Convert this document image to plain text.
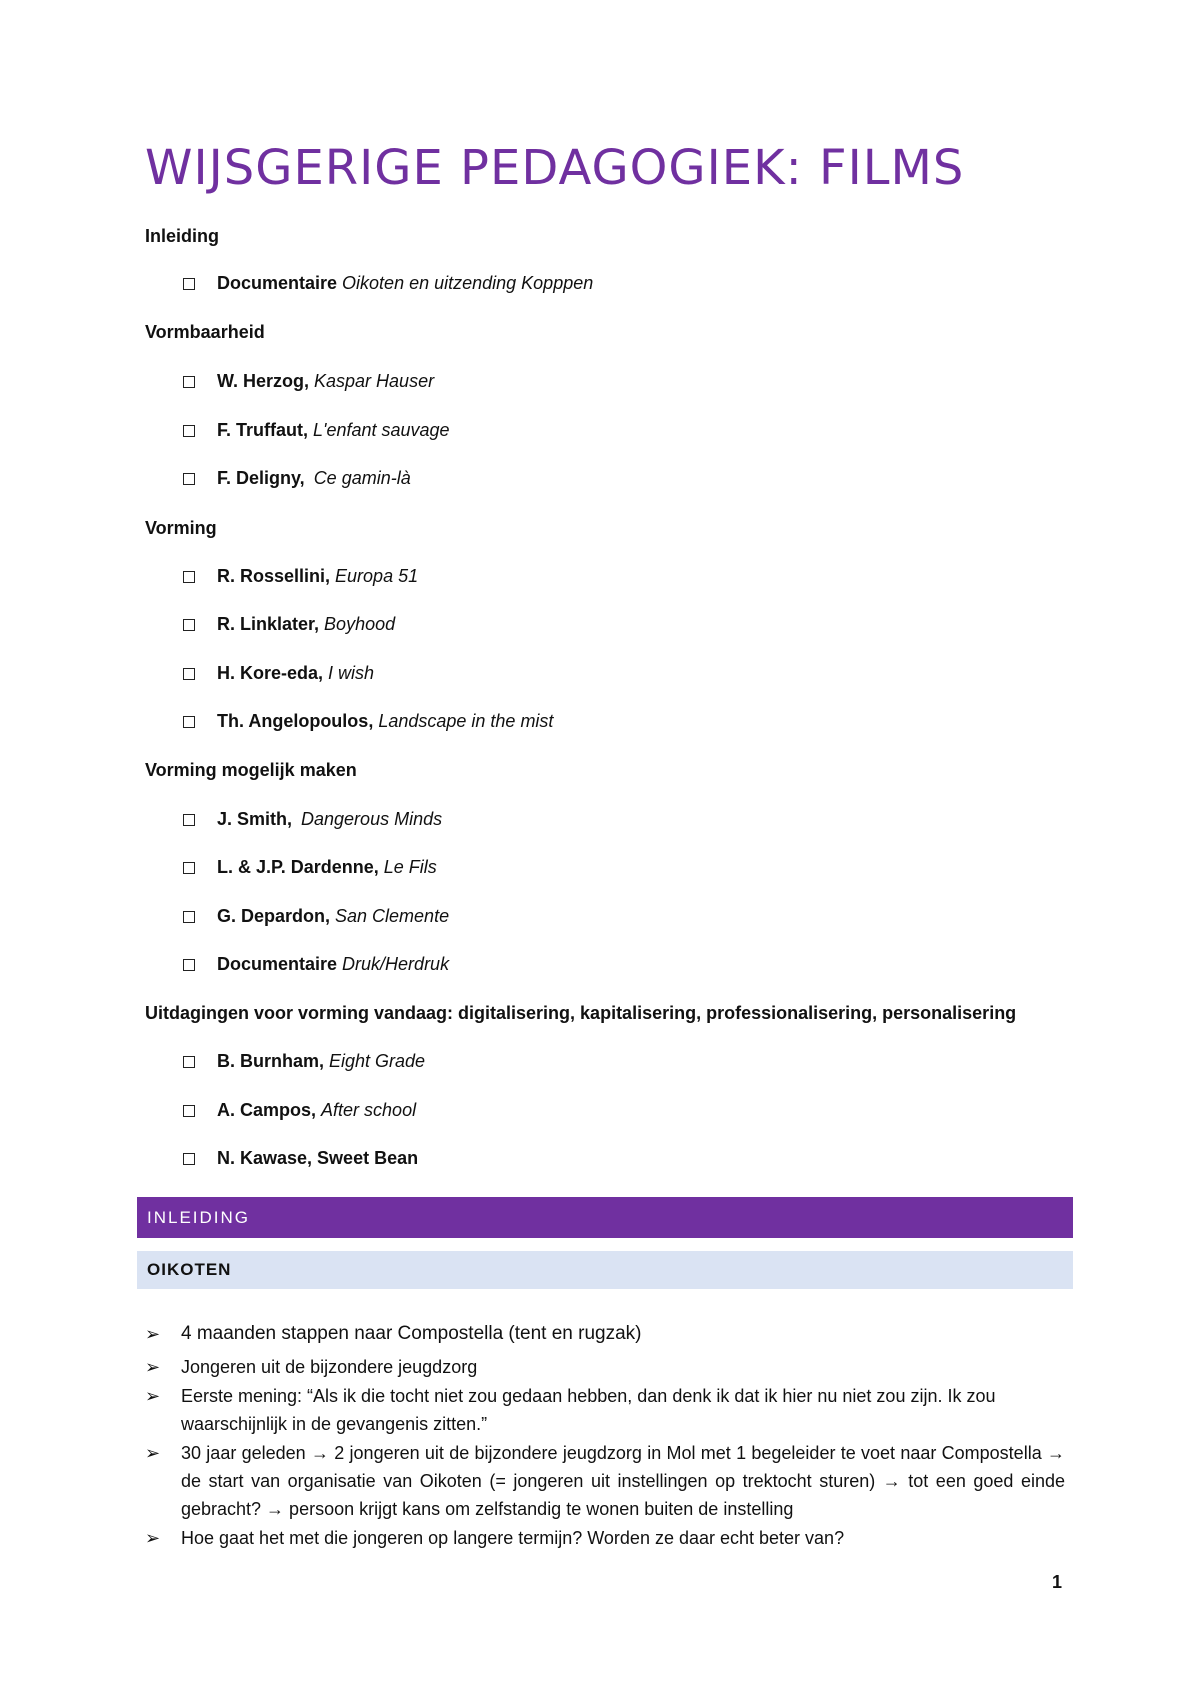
WIJSGERIGE PEDAGOGIEK: FILMS
Inleiding
Documentaire Oikoten en uitzending Kopppen
Vormbaarheid
W. Herzog, Kaspar Hauser
F. Truffaut, L'enfant sauvage
F. Deligny, Ce gamin-là
Vorming
R. Rossellini, Europa 51
R. Linklater, Boyhood
H. Kore-eda, I wish
Th. Angelopoulos, Landscape in the mist
Vorming mogelijk maken
J. Smith, Dangerous Minds
L. & J.P. Dardenne, Le Fils
G. Depardon, San Clemente
Documentaire Druk/Herdruk
Uitdagingen voor vorming vandaag: digitalisering, kapitalisering, professionalisering, personalisering
B. Burnham, Eight Grade
A. Campos, After school
N. Kawase, Sweet Bean
INLEIDING
OIKOTEN
➢ 4 maanden stappen naar Compostella (tent en rugzak)
➢ Jongeren uit de bijzondere jeugdzorg
➢ Eerste mening: “Als ik die tocht niet zou gedaan hebben, dan denk ik dat ik hier nu niet zou zijn. Ik zou waarschijnlijk in de gevangenis zitten.”
➢ 30 jaar geleden → 2 jongeren uit de bijzondere jeugdzorg in Mol met 1 begeleider te voet naar Compostella → de start van organisatie van Oikoten (= jongeren uit instellingen op trektocht sturen) → tot een goed einde gebracht? → persoon krijgt kans om zelfstandig te wonen buiten de instelling
➢ Hoe gaat het met die jongeren op langere termijn? Worden ze daar echt beter van?
1
